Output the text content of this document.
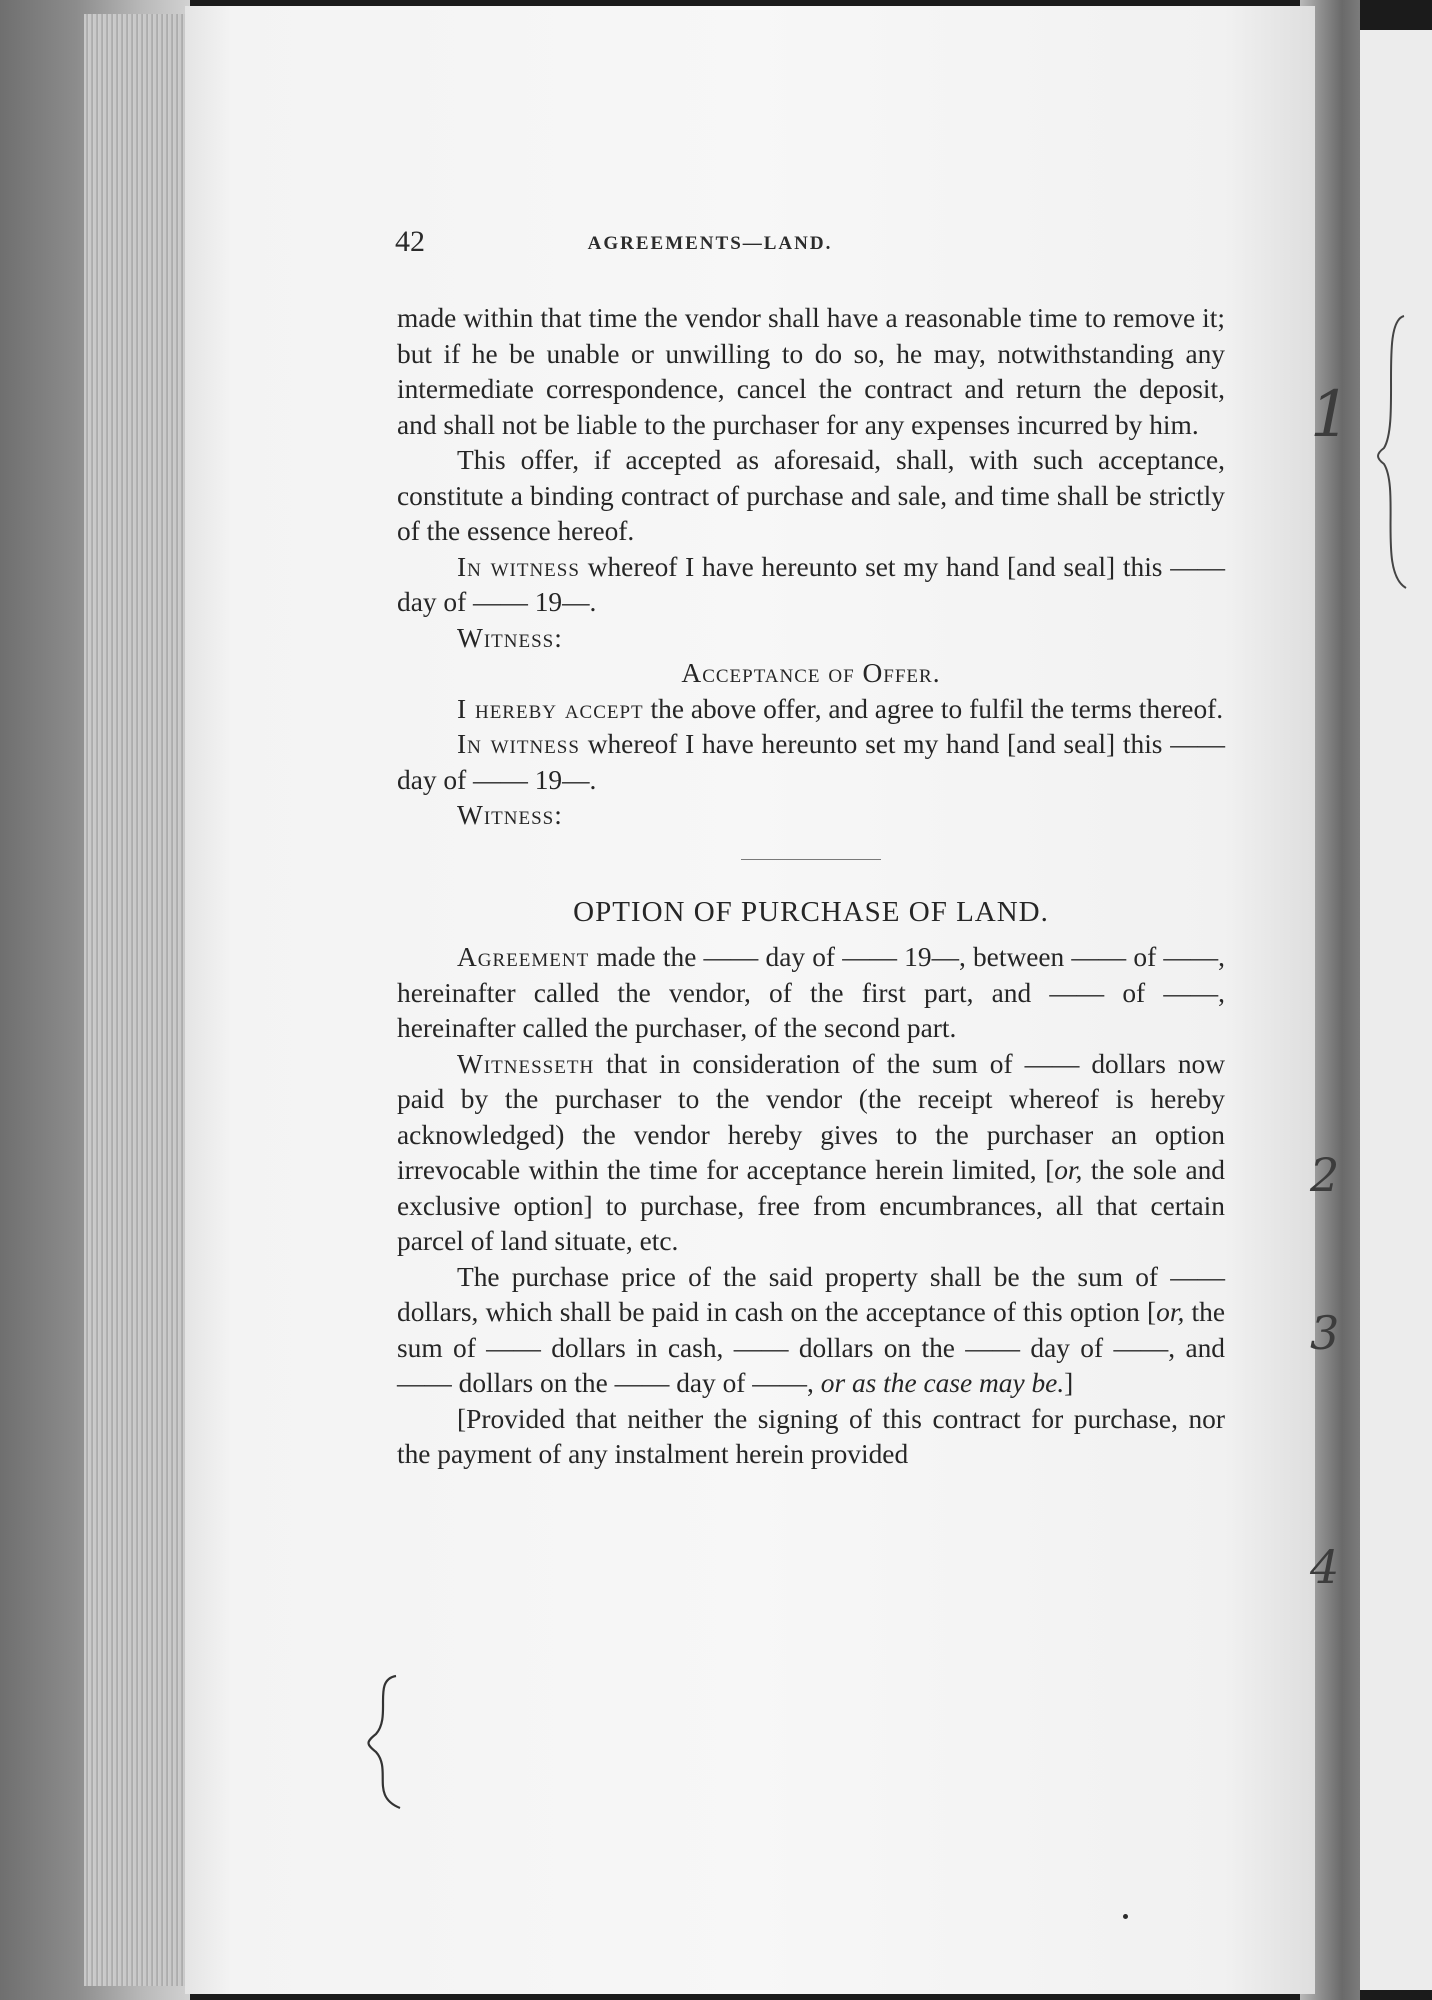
42	AGREEMENTS—LAND.

made within that time the vendor shall have a reasonable time to remove it; but if he be unable or unwilling to do so, he may, notwithstanding any intermediate correspondence, cancel the contract and return the deposit, and shall not be liable to the purchaser for any expenses incurred by him.

This offer, if accepted as aforesaid, shall, with such acceptance, constitute a binding contract of purchase and sale, and time shall be strictly of the essence hereof.

In witness whereof I have hereunto set my hand [and seal] this —— day of —— 19—.

Witness:

Acceptance of Offer.

I hereby accept the above offer, and agree to fulfil the terms thereof.

In witness whereof I have hereunto set my hand [and seal] this —— day of —— 19—.

Witness:

OPTION OF PURCHASE OF LAND.

Agreement made the —— day of —— 19—, between —— of ——, hereinafter called the vendor, of the first part, and —— of ——, hereinafter called the purchaser, of the second part.

Witnesseth that in consideration of the sum of —— dollars now paid by the purchaser to the vendor (the receipt whereof is hereby acknowledged) the vendor hereby gives to the purchaser an option irrevocable within the time for acceptance herein limited, [or, the sole and exclusive option] to purchase, free from encumbrances, all that certain parcel of land situate, etc.

The purchase price of the said property shall be the sum of —— dollars, which shall be paid in cash on the acceptance of this option [or, the sum of —— dollars in cash, —— dollars on the —— day of ——, and —— dollars on the —— day of ——, or as the case may be.]

[Provided that neither the signing of this contract for purchase, nor the payment of any instalment herein provided

1
2
3
4
